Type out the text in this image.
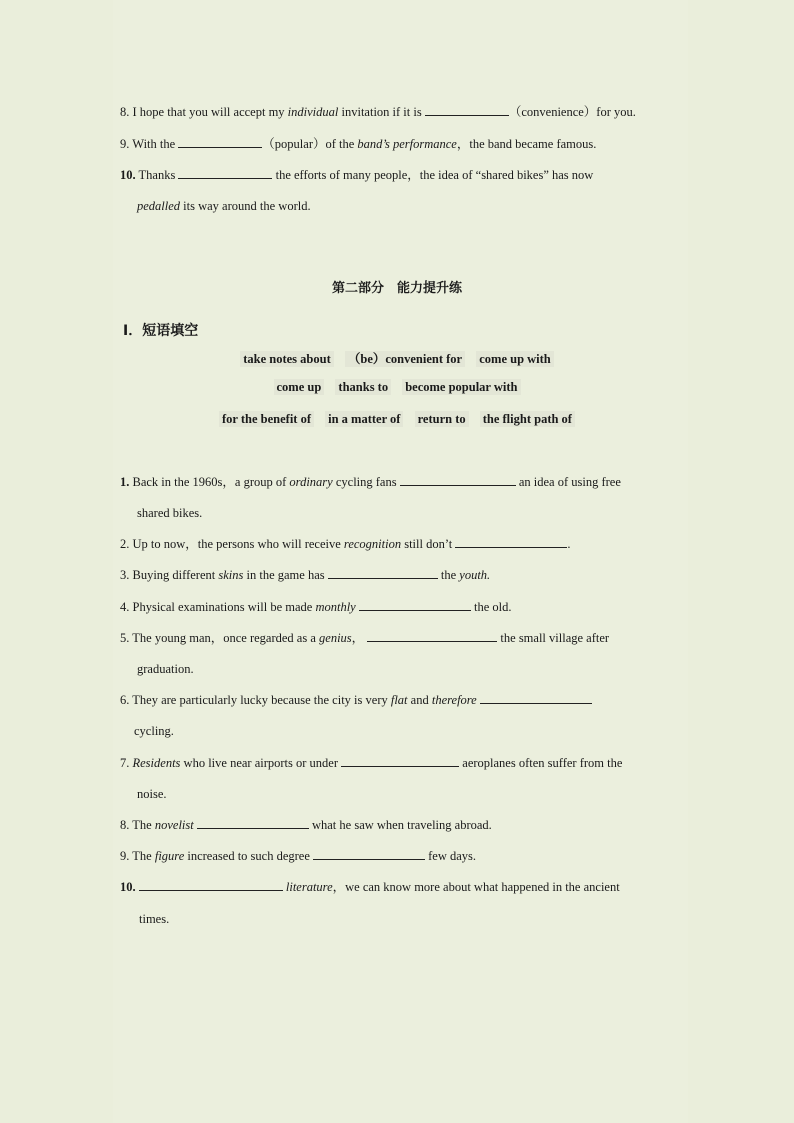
8. I hope that you will accept my individual invitation if it is	（convenience）for you.
9. With the	（popular）of the band’s performance，the band became famous.
10. Thanks	the efforts of many people，the idea of “shared bikes” has now
pedalled its way around the world.
第二部分　能力提升练
Ⅰ．短语填空
take notes about （be）convenient for come up with
come up thanks to become popular with
for the benefit of in a matter of return to the flight path of
1. Back in the 1960s，a group of ordinary cycling fans	an idea of using free
shared bikes.
2. Up to now，the persons who will receive recognition still don’t	.
3. Buying different skins in the game has	the youth.
4. Physical examinations will be made monthly	the old.
5. The young man，once regarded as a genius，	the small village after
graduation.
6. They are particularly lucky because the city is very flat and therefore
cycling.
7. Residents who live near airports or under	aeroplanes often suffer from the
noise.
8. The novelist	what he saw when traveling abroad.
9. The figure increased to such degree	few days.
10.	literature，we can know more about what happened in the ancient
times.
